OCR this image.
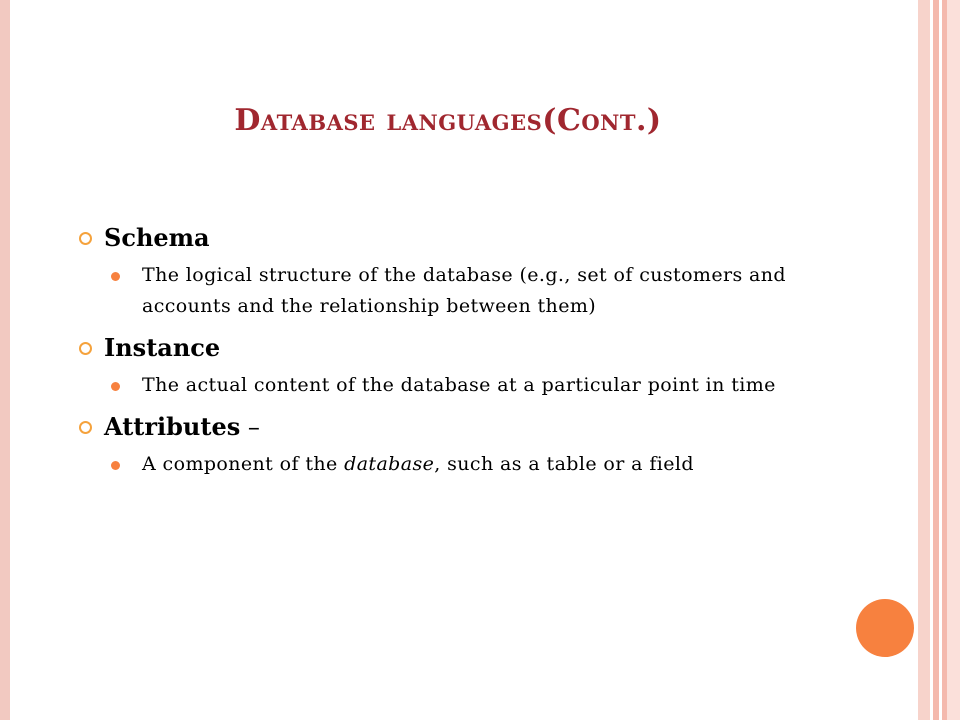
Database languages(Cont.)
Schema
The logical structure of the database (e.g., set of customers and accounts and the relationship between them)
Instance
The actual content of the database at a particular point in time
Attributes –
A component of the database, such as a table or a field
